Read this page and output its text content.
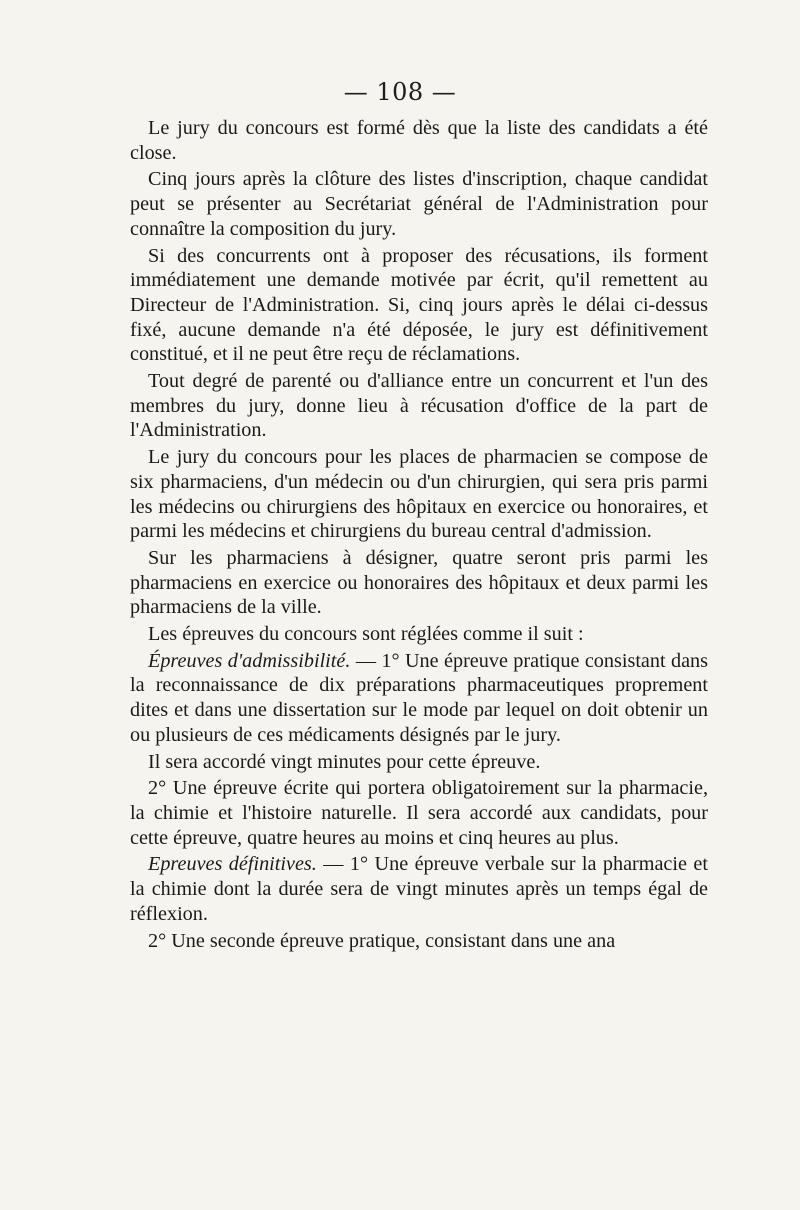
— 108 —

Le jury du concours est formé dès que la liste des candidats a été close.

Cinq jours après la clôture des listes d'inscription, chaque candidat peut se présenter au Secrétariat général de l'Administration pour connaître la composition du jury.

Si des concurrents ont à proposer des récusations, ils forment immédiatement une demande motivée par écrit, qu'il remettent au Directeur de l'Administration. Si, cinq jours après le délai ci-dessus fixé, aucune demande n'a été déposée, le jury est définitivement constitué, et il ne peut être reçu de réclamations.

Tout degré de parenté ou d'alliance entre un concurrent et l'un des membres du jury, donne lieu à récusation d'office de la part de l'Administration.

Le jury du concours pour les places de pharmacien se compose de six pharmaciens, d'un médecin ou d'un chirurgien, qui sera pris parmi les médecins ou chirurgiens des hôpitaux en exercice ou honoraires, et parmi les médecins et chirurgiens du bureau central d'admission.

Sur les pharmaciens à désigner, quatre seront pris parmi les pharmaciens en exercice ou honoraires des hôpitaux et deux parmi les pharmaciens de la ville.

Les épreuves du concours sont réglées comme il suit :

Épreuves d'admissibilité. — 1° Une épreuve pratique consistant dans la reconnaissance de dix préparations pharmaceutiques proprement dites et dans une dissertation sur le mode par lequel on doit obtenir un ou plusieurs de ces médicaments désignés par le jury.

Il sera accordé vingt minutes pour cette épreuve.

2° Une épreuve écrite qui portera obligatoirement sur la pharmacie, la chimie et l'histoire naturelle. Il sera accordé aux candidats, pour cette épreuve, quatre heures au moins et cinq heures au plus.

Epreuves définitives. — 1° Une épreuve verbale sur la pharmacie et la chimie dont la durée sera de vingt minutes après un temps égal de réflexion.

2° Une seconde épreuve pratique, consistant dans une ana
